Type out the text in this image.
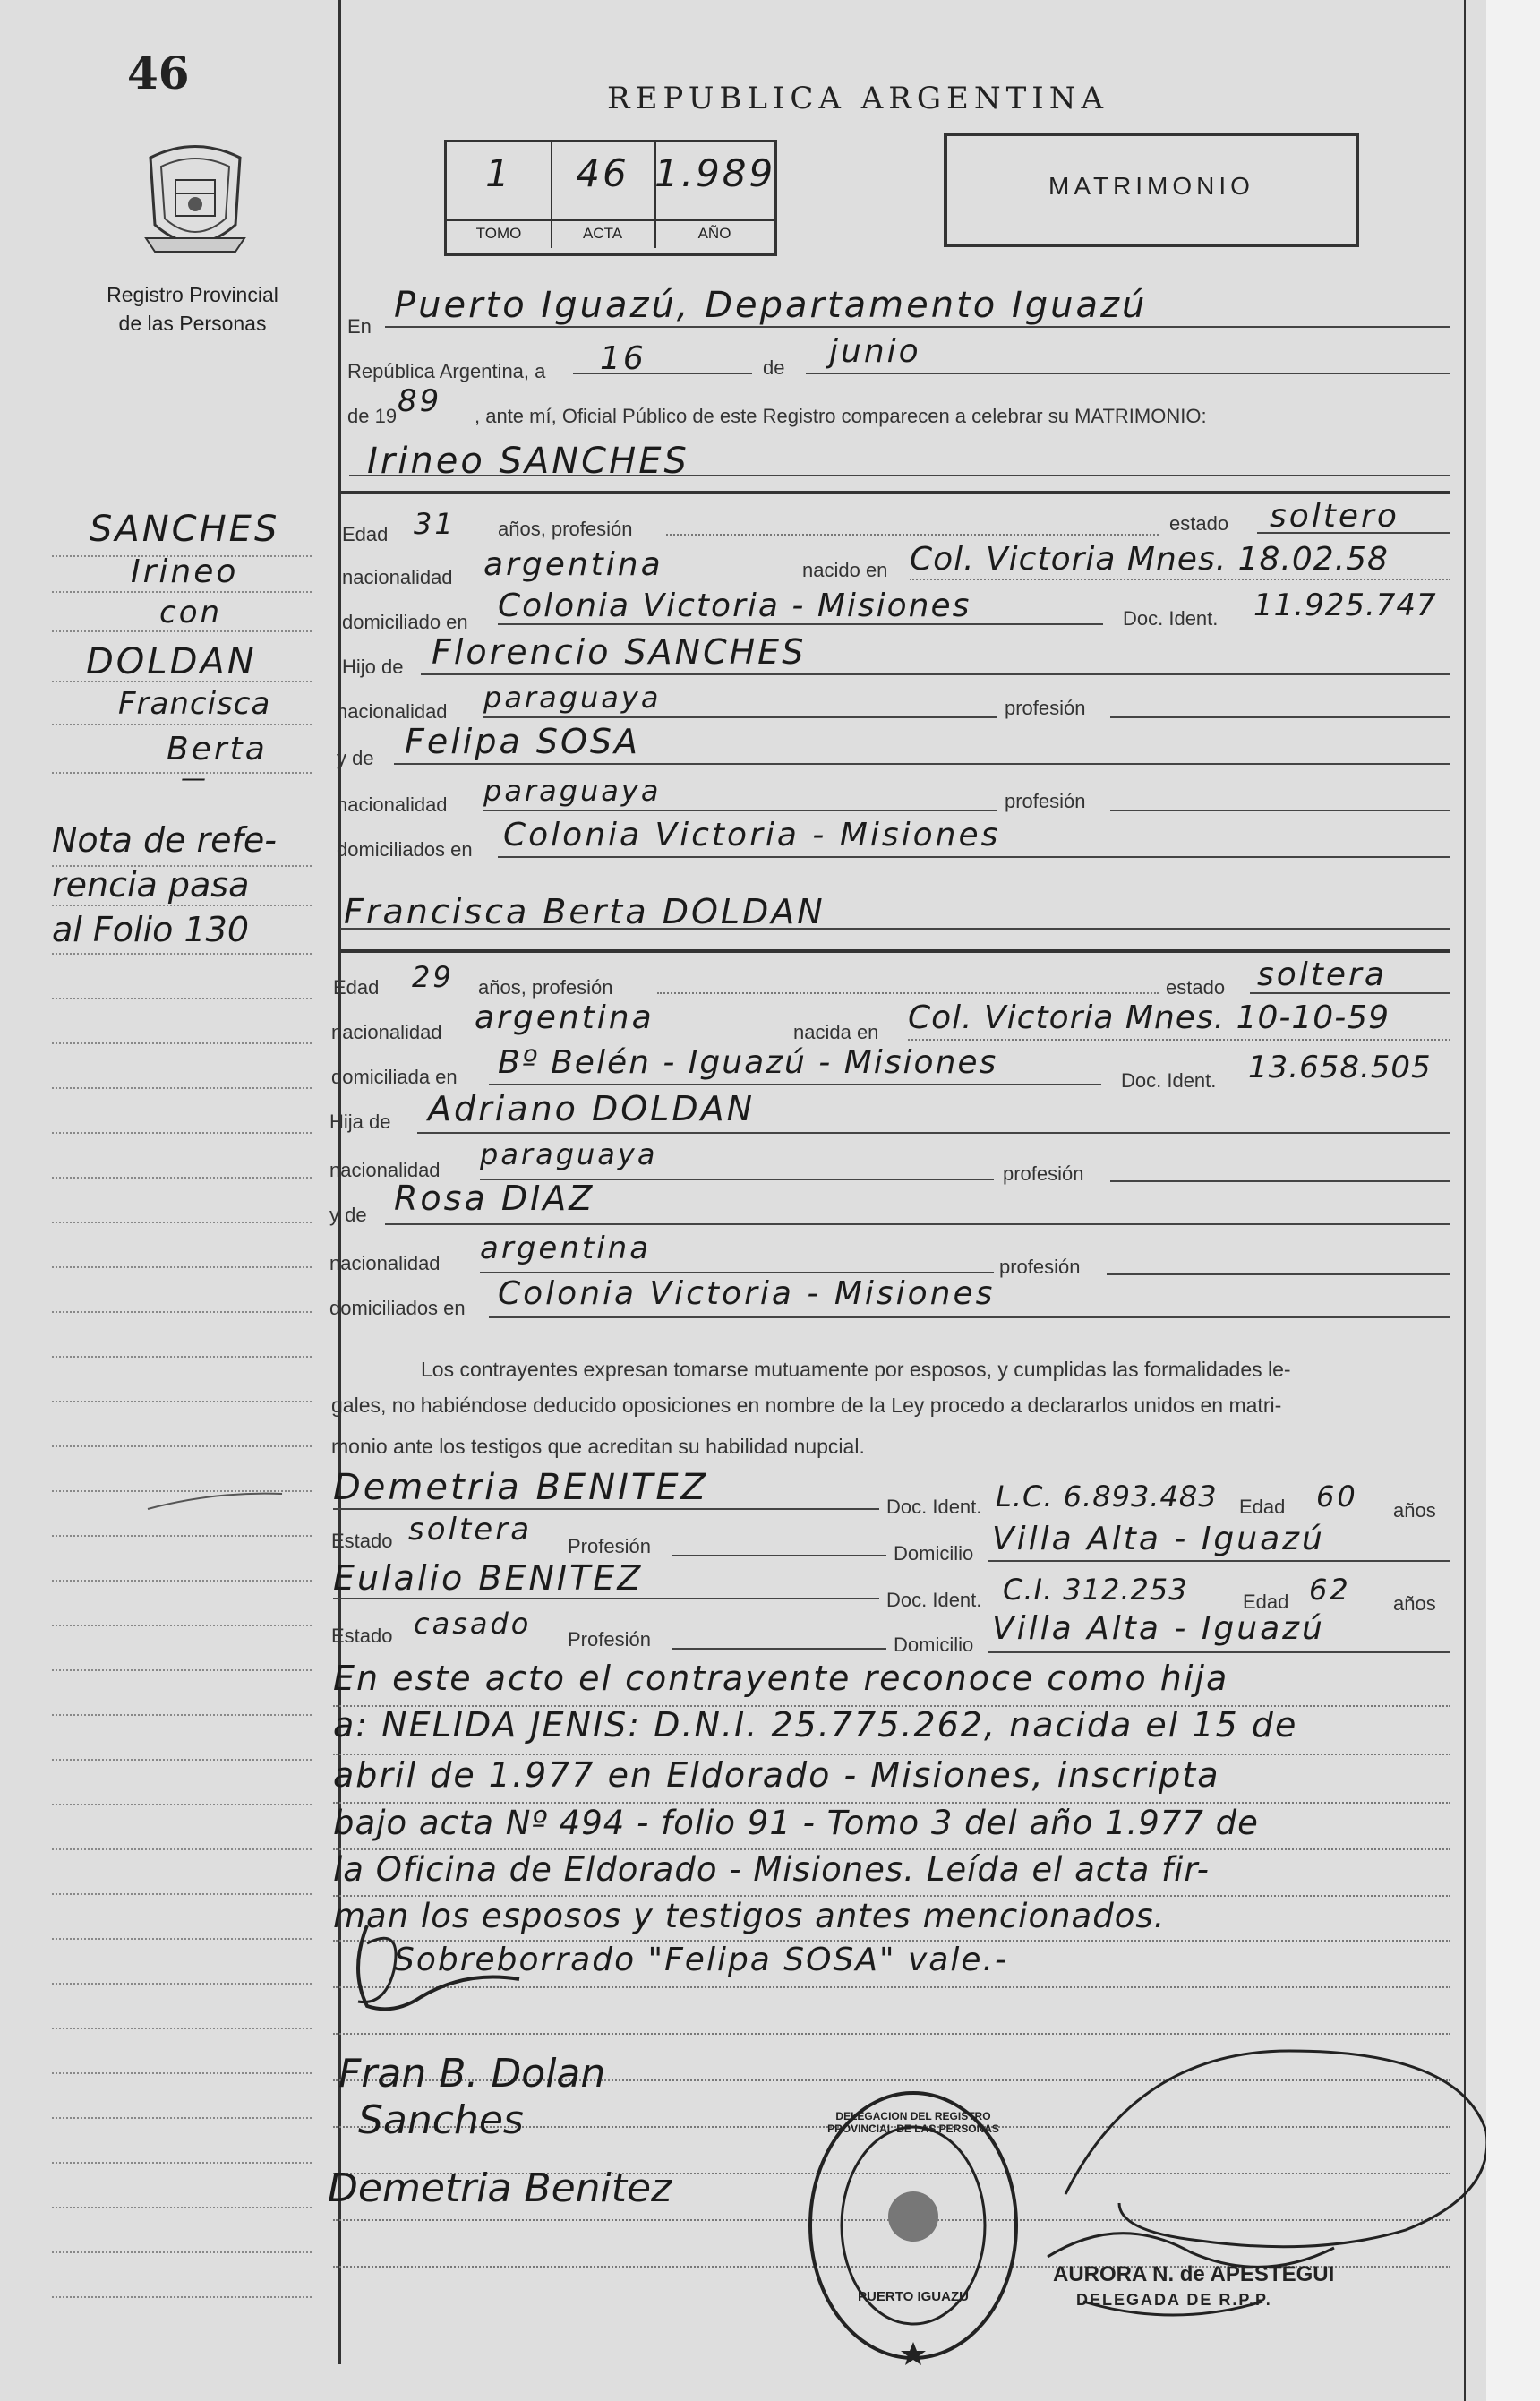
46
Registro Provincial
de las Personas
REPUBLICA ARGENTINA
1
TOMO
46
ACTA
1.989
AÑO
MATRIMONIO
SANCHES
Irineo
con
DOLDAN
Francisca
Berta
—
Nota de refe-
rencia pasa
al Folio 130
En
Puerto Iguazú, Departamento Iguazú
República Argentina, a 16	de junio
de 19 89 , ante mí, Oficial Público de este Registro comparecen a celebrar su MATRIMONIO:
Irineo SANCHES
Edad 31 años, profesión	estado soltero
nacionalidad argentina	nacido en Col. Victoria Mnes. 18.02.58
domiciliado en Colonia Victoria - Misiones	Doc. Ident. 11.925.747
Hijo de Florencio SANCHES
nacionalidad paraguaya	profesión
y de Felipa SOSA
nacionalidad paraguaya	profesión
domiciliados en Colonia Victoria - Misiones
Francisca Berta DOLDAN
Edad 29 años, profesión	estado soltera
nacionalidad argentina	nacida en Col. Victoria Mnes. 10-10-59
domiciliada en Bº Belén - Iguazú - Misiones	Doc. Ident. 13.658.505
Hija de Adriano DOLDAN
nacionalidad paraguaya
profesión
y de Rosa DIAZ
nacionalidad argentina
profesión
domiciliados en Colonia Victoria - Misiones
Los contrayentes expresan tomarse mutuamente por esposos, y cumplidas las formalidades le-
gales, no habiéndose deducido oposiciones en nombre de la Ley procedo a declararlos unidos en matri-
monio ante los testigos que acreditan su habilidad nupcial.
Demetria BENITEZ	Doc. Ident. L.C. 6.893.483 Edad 60 años
Estado soltera Profesión	Domicilio Villa Alta - Iguazú
Eulalio BENITEZ
Doc. Ident. C.I. 312.253	Edad 62 años
Estado casado Profesión	Domicilio Villa Alta - Iguazú
En este acto el contrayente reconoce como hija
a: NELIDA JENIS: D.N.I. 25.775.262, nacida el 15 de
abril de 1.977 en Eldorado - Misiones, inscripta
bajo acta Nº 494 - folio 91 - Tomo 3 del año 1.977 de
la Oficina de Eldorado - Misiones. Leída el acta fir-
man los esposos y testigos antes mencionados.
Sobreborrado "Felipa SOSA" vale.-
Fran B. Dolan
Sanches
Demetria Benitez
DELEGACION DEL REGISTRO PROVINCIAL DE LAS PERSONAS
PUERTO IGUAZU
AURORA N. de APESTEGUI
DELEGADA DE R.P.P.
